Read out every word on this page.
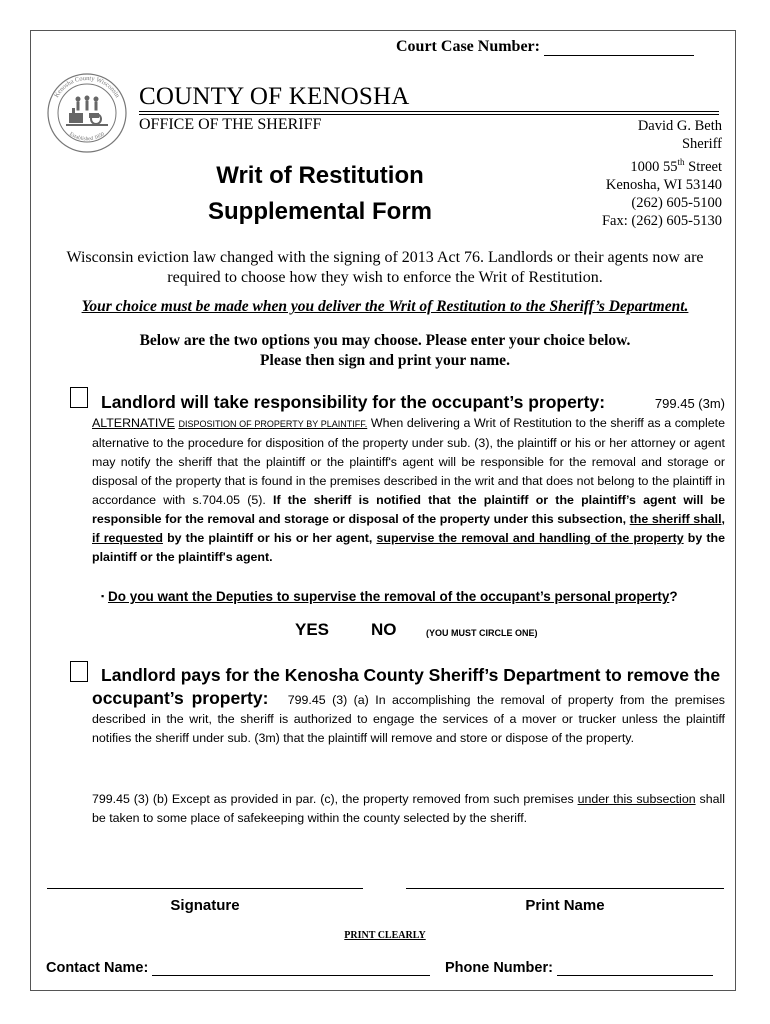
Court Case Number:
Kenosha County Wisconsin
Established 1850
COUNTY OF KENOSHA
OFFICE OF THE SHERIFF	David G. Beth
Sheriff
1000 55th Street
Kenosha, WI 53140
(262) 605-5100
Fax: (262) 605-5130
Writ of Restitution
Supplemental Form
Wisconsin eviction law changed with the signing of 2013 Act 76. Landlords or their agents now are
required to choose how they wish to enforce the Writ of Restitution.
Your choice must be made when you deliver the Writ of Restitution to the Sheriff’s Department.
Below are the two options you may choose. Please enter your choice below.
Please then sign and print your name.
Landlord will take responsibility for the occupant’s property:	799.45 (3m)
ALTERNATIVE DISPOSITION OF PROPERTY BY PLAINTIFF. When delivering a Writ of Restitution to the sheriff as a complete alternative to the procedure for disposition of the property under sub. (3), the plaintiff or his or her attorney or agent may notify the sheriff that the plaintiff or the plaintiff's agent will be responsible for the removal and storage or disposal of the property that is found in the premises described in the writ and that does not belong to the plaintiff in accordance with s.704.05 (5). If the sheriff is notified that the plaintiff or the plaintiff’s agent will be responsible for the removal and storage or disposal of the property under this subsection, the sheriff shall, if requested by the plaintiff or his or her agent, supervise the removal and handling of the property by the plaintiff or the plaintiff's agent.
▪ Do you want the Deputies to supervise the removal of the occupant’s personal property?
YES NO	(YOU MUST CIRCLE ONE)
Landlord pays for the Kenosha County Sheriff’s Department to remove the
occupant’s property: 799.45 (3) (a) In accomplishing the removal of property from the premises described in the writ, the sheriff is authorized to engage the services of a mover or trucker unless the plaintiff notifies the sheriff under sub. (3m) that the plaintiff will remove and store or dispose of the property.
799.45 (3) (b) Except as provided in par. (c), the property removed from such premises under this subsection shall be taken to some place of safekeeping within the county selected by the sheriff.
Signature	Print Name
PRINT CLEARLY
Contact Name:	Phone Number:
